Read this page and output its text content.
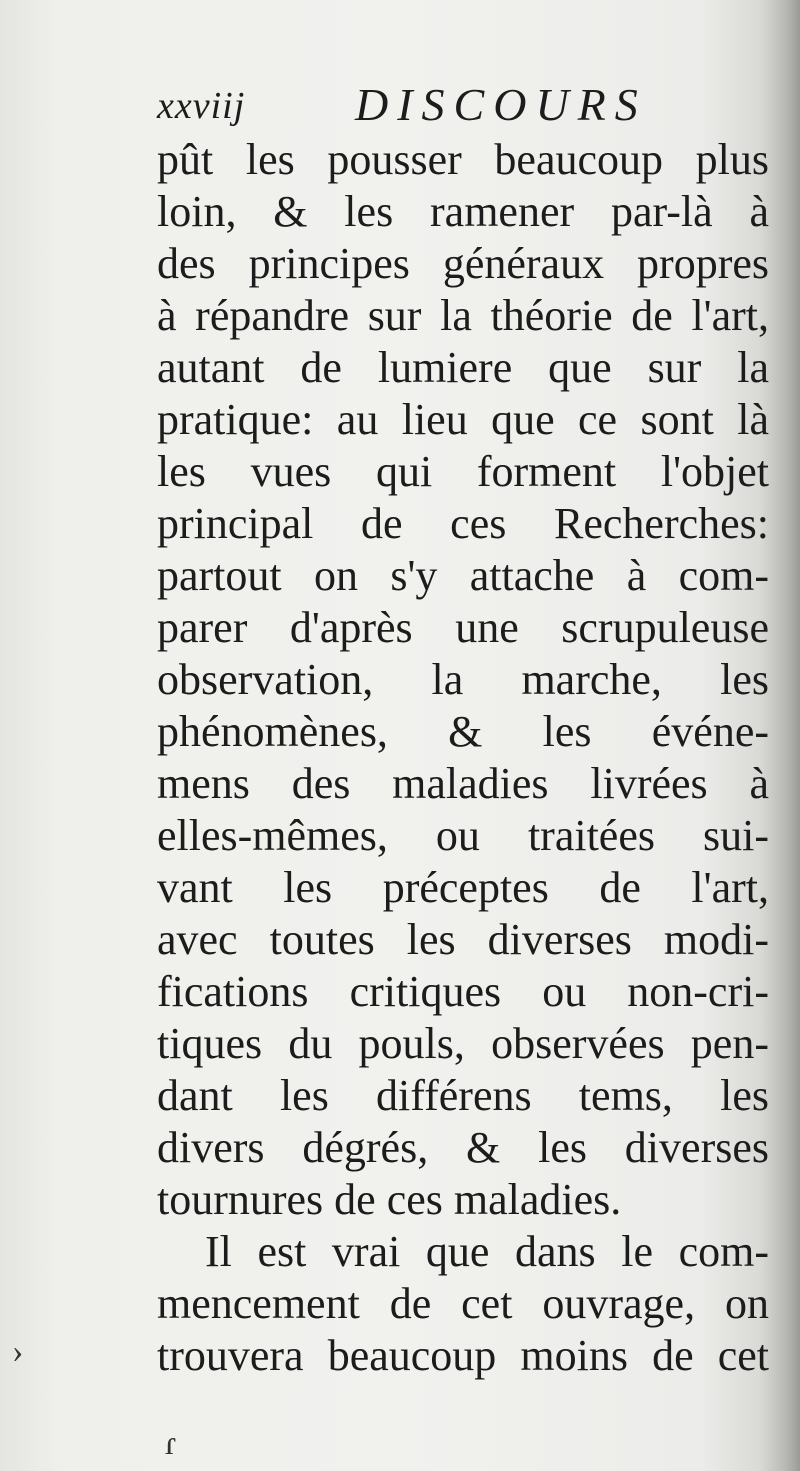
xxviij DISCOURS
pût les pousser beaucoup plus
loin, & les ramener par-là à
des principes généraux propres
à répandre sur la théorie de l'art,
autant de lumiere que sur la
pratique: au lieu que ce sont là
les vues qui forment l'objet
principal de ces Recherches:
partout on s'y attache à com-
parer d'après une scrupuleuse
observation, la marche, les
phénomènes, & les événe-
mens des maladies livrées à
elles-mêmes, ou traitées sui-
vant les préceptes de l'art,
avec toutes les diverses modi-
fications critiques ou non-cri-
tiques du pouls, observées pen-
dant les différens tems, les
divers dégrés, & les diverses
tournures de ces maladies.
Il est vrai que dans le com-
mencement de cet ouvrage, on
trouvera beaucoup moins de cet
›
ɾ
